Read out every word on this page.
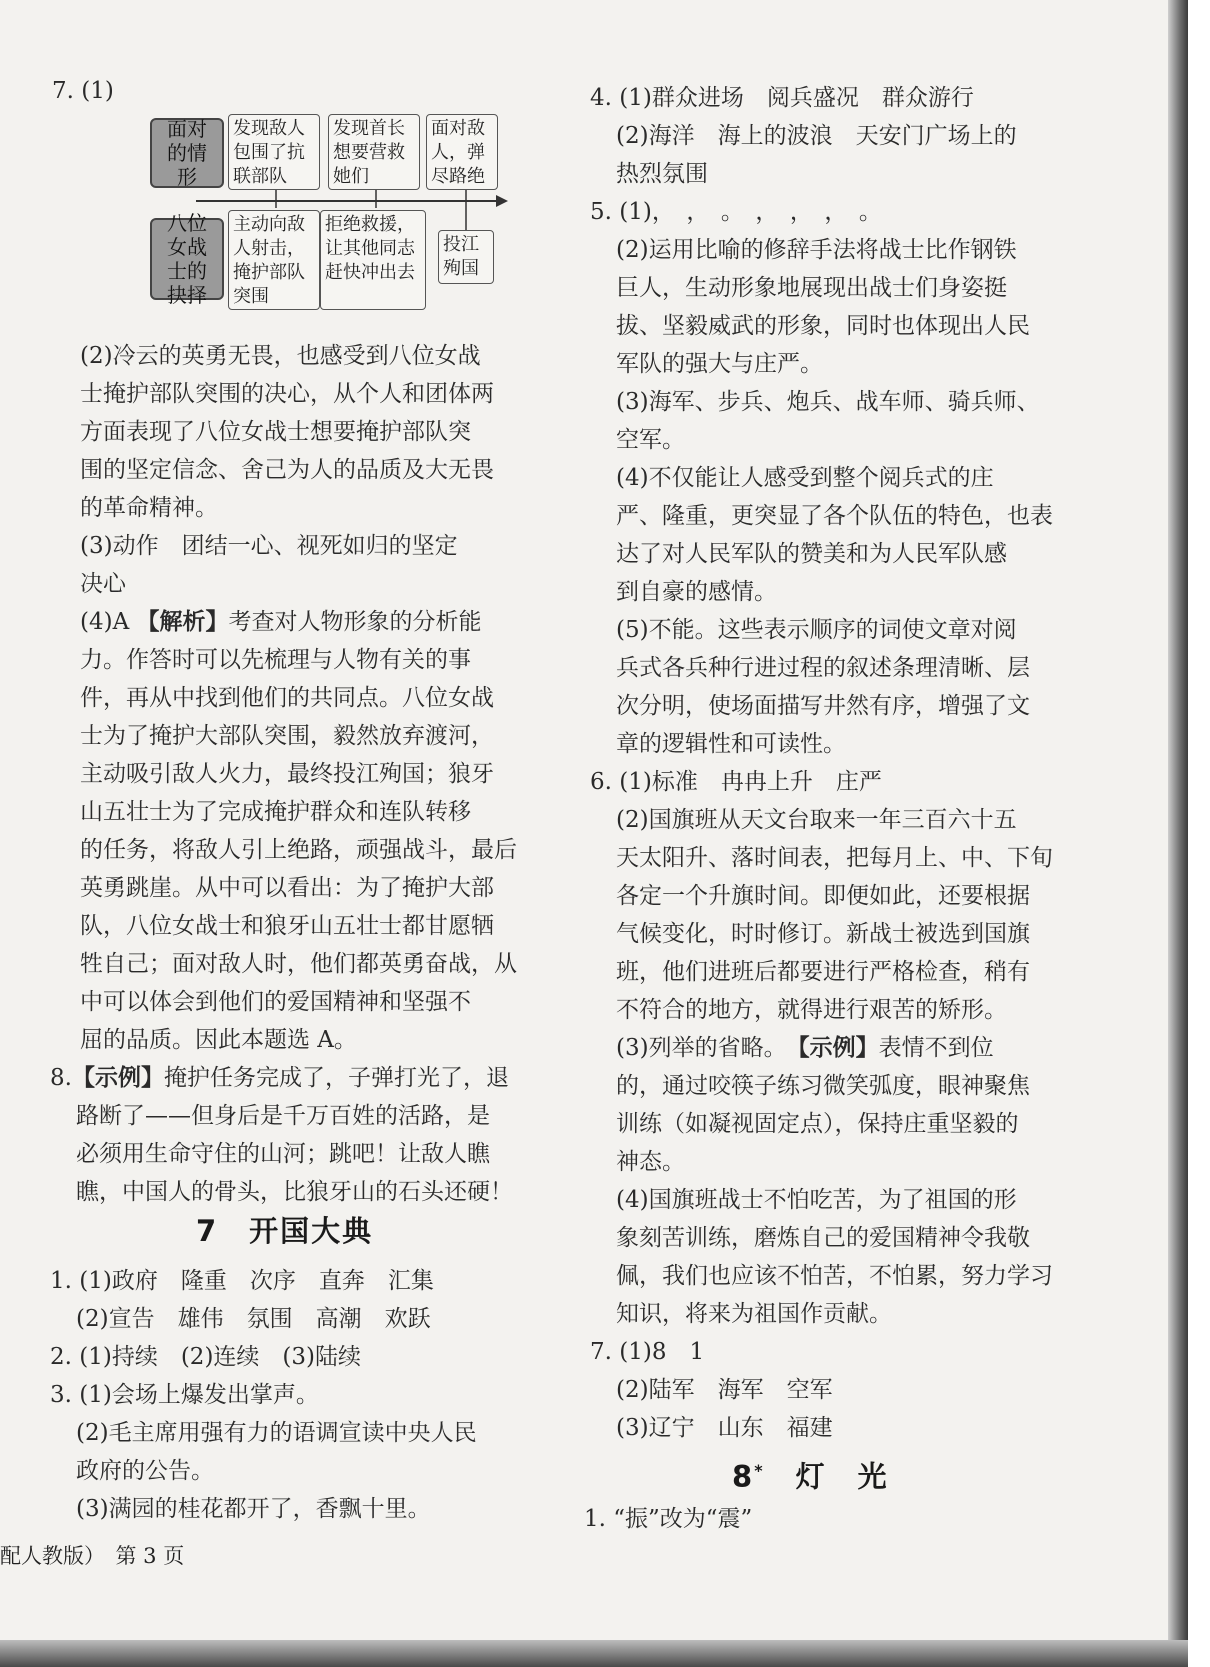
7. (1)
面对的情形
八位女战士的抉择
发现敌人包围了抗联部队
发现首长想要营救她们
面对敌人，弹尽路绝
主动向敌人射击，掩护部队突围
拒绝救援，让其他同志赶快冲出去
投江殉国
(2)冷云的英勇无畏，也感受到八位女战
士掩护部队突围的决心，从个人和团体两
方面表现了八位女战士想要掩护部队突
围的坚定信念、舍己为人的品质及大无畏
的革命精神。
(3)动作　团结一心、视死如归的坚定
决心
(4)A 【解析】考查对人物形象的分析能
力。作答时可以先梳理与人物有关的事
件，再从中找到他们的共同点。八位女战
士为了掩护大部队突围，毅然放弃渡河，
主动吸引敌人火力，最终投江殉国；狼牙
山五壮士为了完成掩护群众和连队转移
的任务，将敌人引上绝路，顽强战斗，最后
英勇跳崖。从中可以看出：为了掩护大部
队，八位女战士和狼牙山五壮士都甘愿牺
牲自己；面对敌人时，他们都英勇奋战，从
中可以体会到他们的爱国精神和坚强不
屈的品质。因此本题选 A。
8.【示例】掩护任务完成了，子弹打光了，退
路断了——但身后是千万百姓的活路，是
必须用生命守住的山河；跳吧！让敌人瞧
瞧，中国人的骨头，比狼牙山的石头还硬！
7　开国大典
1. (1)政府　隆重　次序　直奔　汇集
(2)宣告　雄伟　氛围　高潮　欢跃
2. (1)持续　(2)连续　(3)陆续
3. (1)会场上爆发出掌声。
(2)毛主席用强有力的语调宣读中央人民
政府的公告。
(3)满园的桂花都开了，香飘十里。
4. (1)群众进场　阅兵盛况　群众游行
(2)海洋　海上的波浪　天安门广场上的
热烈氛围
5. (1)，　，　。　，　，　，　。
(2)运用比喻的修辞手法将战士比作钢铁
巨人，生动形象地展现出战士们身姿挺
拔、坚毅威武的形象，同时也体现出人民
军队的强大与庄严。
(3)海军、步兵、炮兵、战车师、骑兵师、
空军。
(4)不仅能让人感受到整个阅兵式的庄
严、隆重，更突显了各个队伍的特色，也表
达了对人民军队的赞美和为人民军队感
到自豪的感情。
(5)不能。这些表示顺序的词使文章对阅
兵式各兵种行进过程的叙述条理清晰、层
次分明，使场面描写井然有序，增强了文
章的逻辑性和可读性。
6. (1)标准　冉冉上升　庄严
(2)国旗班从天文台取来一年三百六十五
天太阳升、落时间表，把每月上、中、下旬
各定一个升旗时间。即便如此，还要根据
气候变化，时时修订。新战士被选到国旗
班，他们进班后都要进行严格检查，稍有
不符合的地方，就得进行艰苦的矫形。
(3)列举的省略。　【示例】表情不到位
的，通过咬筷子练习微笑弧度，眼神聚焦
训练（如凝视固定点），保持庄重坚毅的
神态。
(4)国旗班战士不怕吃苦，为了祖国的形
象刻苦训练，磨炼自己的爱国精神令我敬
佩，我们也应该不怕苦，不怕累，努力学习
知识，将来为祖国作贡献。
7. (1)8　1
(2)陆军　海军　空军
(3)辽宁　山东　福建
8*  灯　光
1. “振”改为“震”
配人教版）  第 3 页
